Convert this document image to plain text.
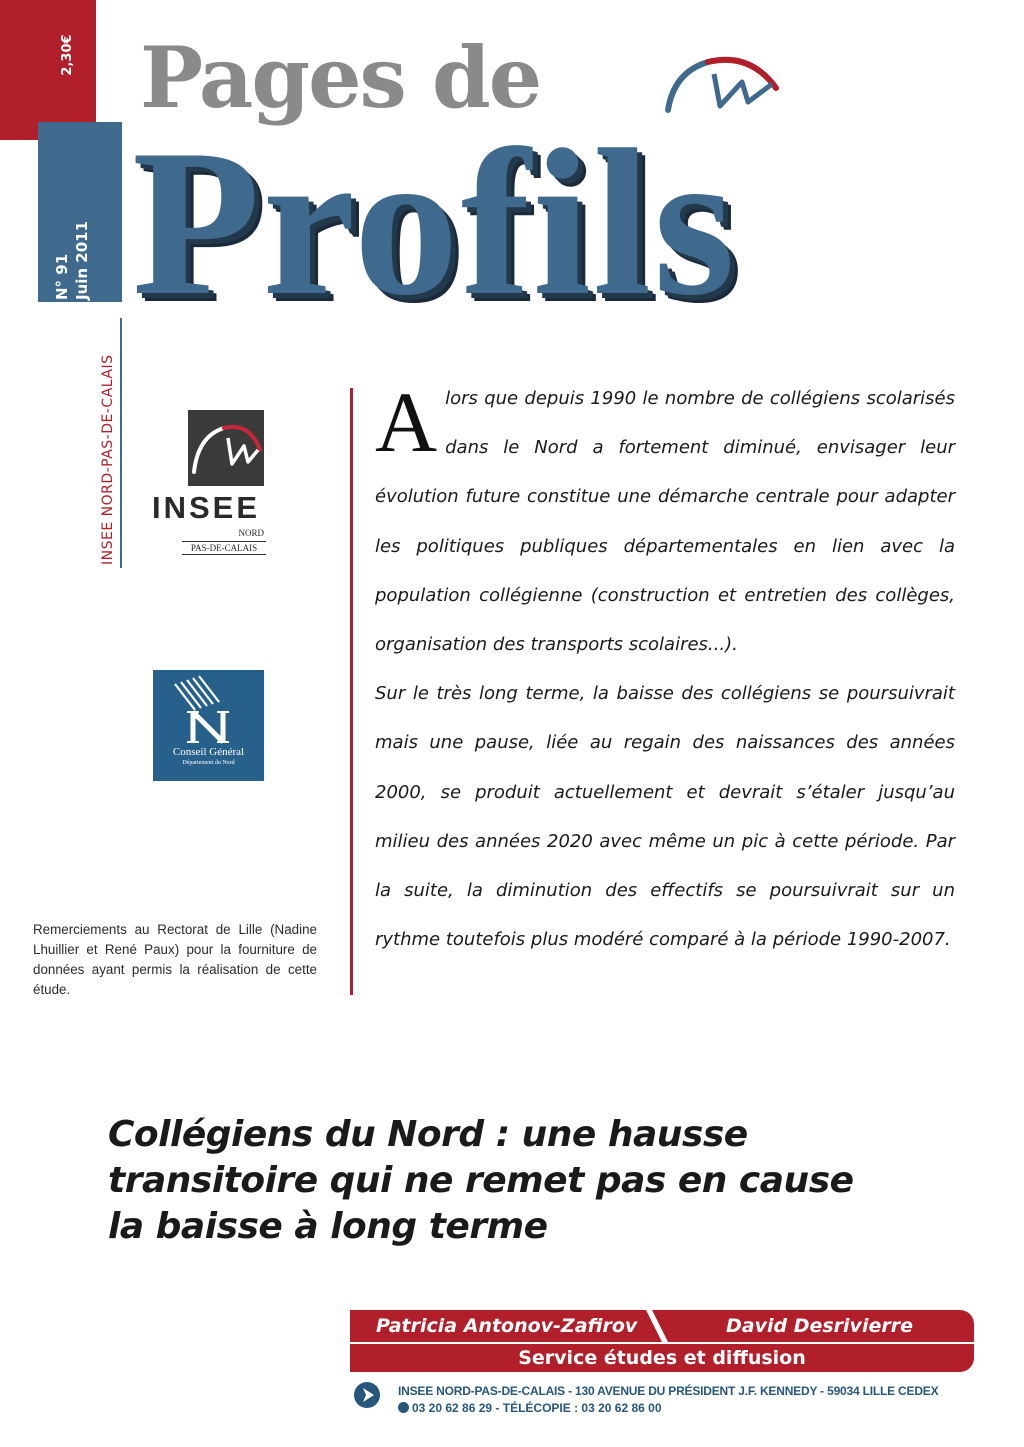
2,30€
N° 91 Juin 2011
INSEE NORD-PAS-DE-CALAIS
Pages de
Profils
INSEE
NORD
PAS-DE-CALAIS
Conseil Général
Département du Nord
Remerciements au Rectorat de Lille (Nadine Lhuillier et René Paux) pour la fourniture de données ayant permis la réalisation de cette étude.

Alors que depuis 1990 le nombre de collégiens scolarisés dans le Nord a fortement diminué, envisager leur évolution future constitue une démarche centrale pour adapter les politiques publiques départementales en lien avec la population collégienne (construction et entretien des collèges, organisation des transports scolaires...).

Sur le très long terme, la baisse des collégiens se poursuivrait mais une pause, liée au regain des naissances des années 2000, se produit actuellement et devrait s’étaler jusqu’au milieu des années 2020 avec même un pic à cette période. Par la suite, la diminution des effectifs se poursuivrait sur un rythme toutefois plus modéré comparé à la période 1990-2007.

Collégiens du Nord : une hausse
transitoire qui ne remet pas en cause
la baisse à long terme
Patricia Antonov-Zafirov	David Desrivierre
Service études et diffusion
INSEE NORD-PAS-DE-CALAIS - 130 AVENUE DU PRÉSIDENT J.F. KENNEDY - 59034 LILLE CEDEX
03 20 62 86 29 - TÉLÉCOPIE : 03 20 62 86 00
